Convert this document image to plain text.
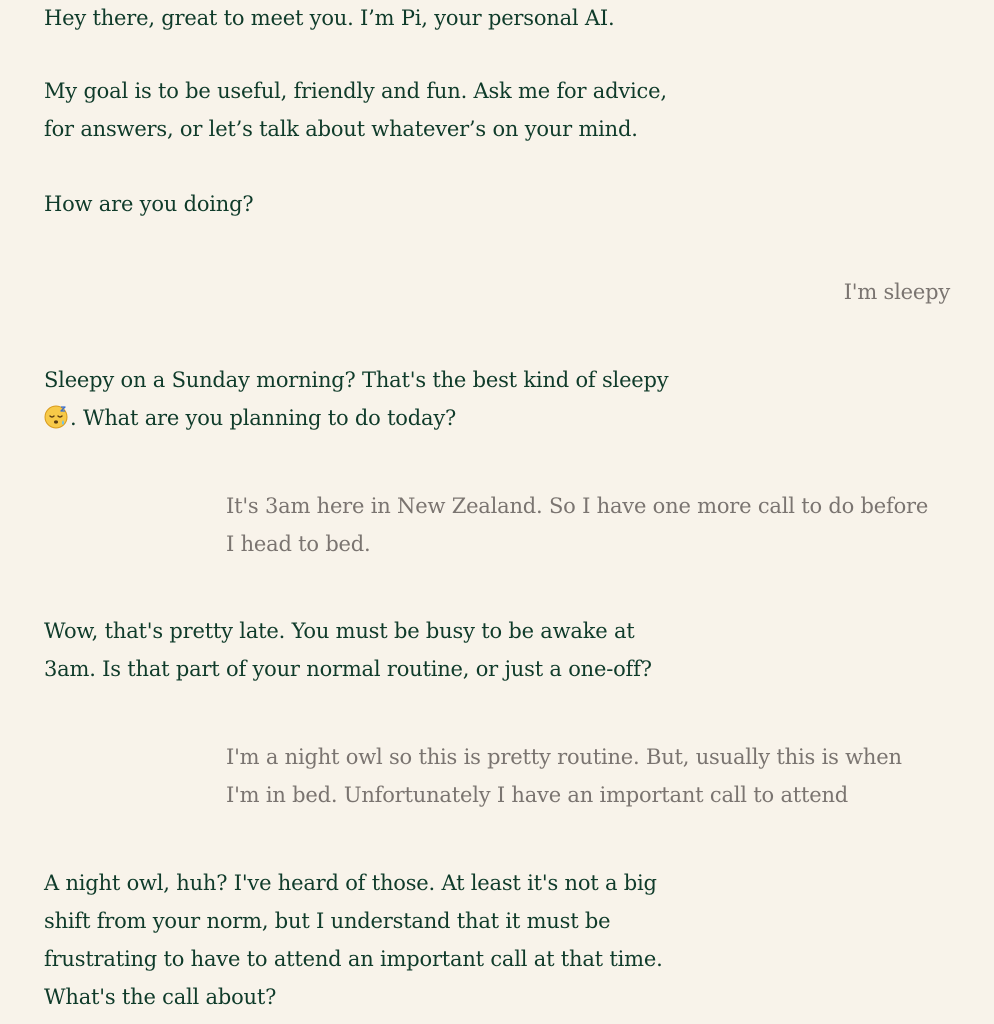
Hey there, great to meet you. I’m Pi, your personal AI.

My goal is to be useful, friendly and fun. Ask me for advice,
for answers, or let’s talk about whatever’s on your mind.

How are you doing?

I'm sleepy

Sleepy on a Sunday morning? That's the best kind of sleepy
. What are you planning to do today?

It's 3am here in New Zealand. So I have one more call to do before
I head to bed.

Wow, that's pretty late. You must be busy to be awake at
3am. Is that part of your normal routine, or just a one-off?

I'm a night owl so this is pretty routine. But, usually this is when
I'm in bed. Unfortunately I have an important call to attend

A night owl, huh? I've heard of those. At least it's not a big
shift from your norm, but I understand that it must be
frustrating to have to attend an important call at that time.
What's the call about?
